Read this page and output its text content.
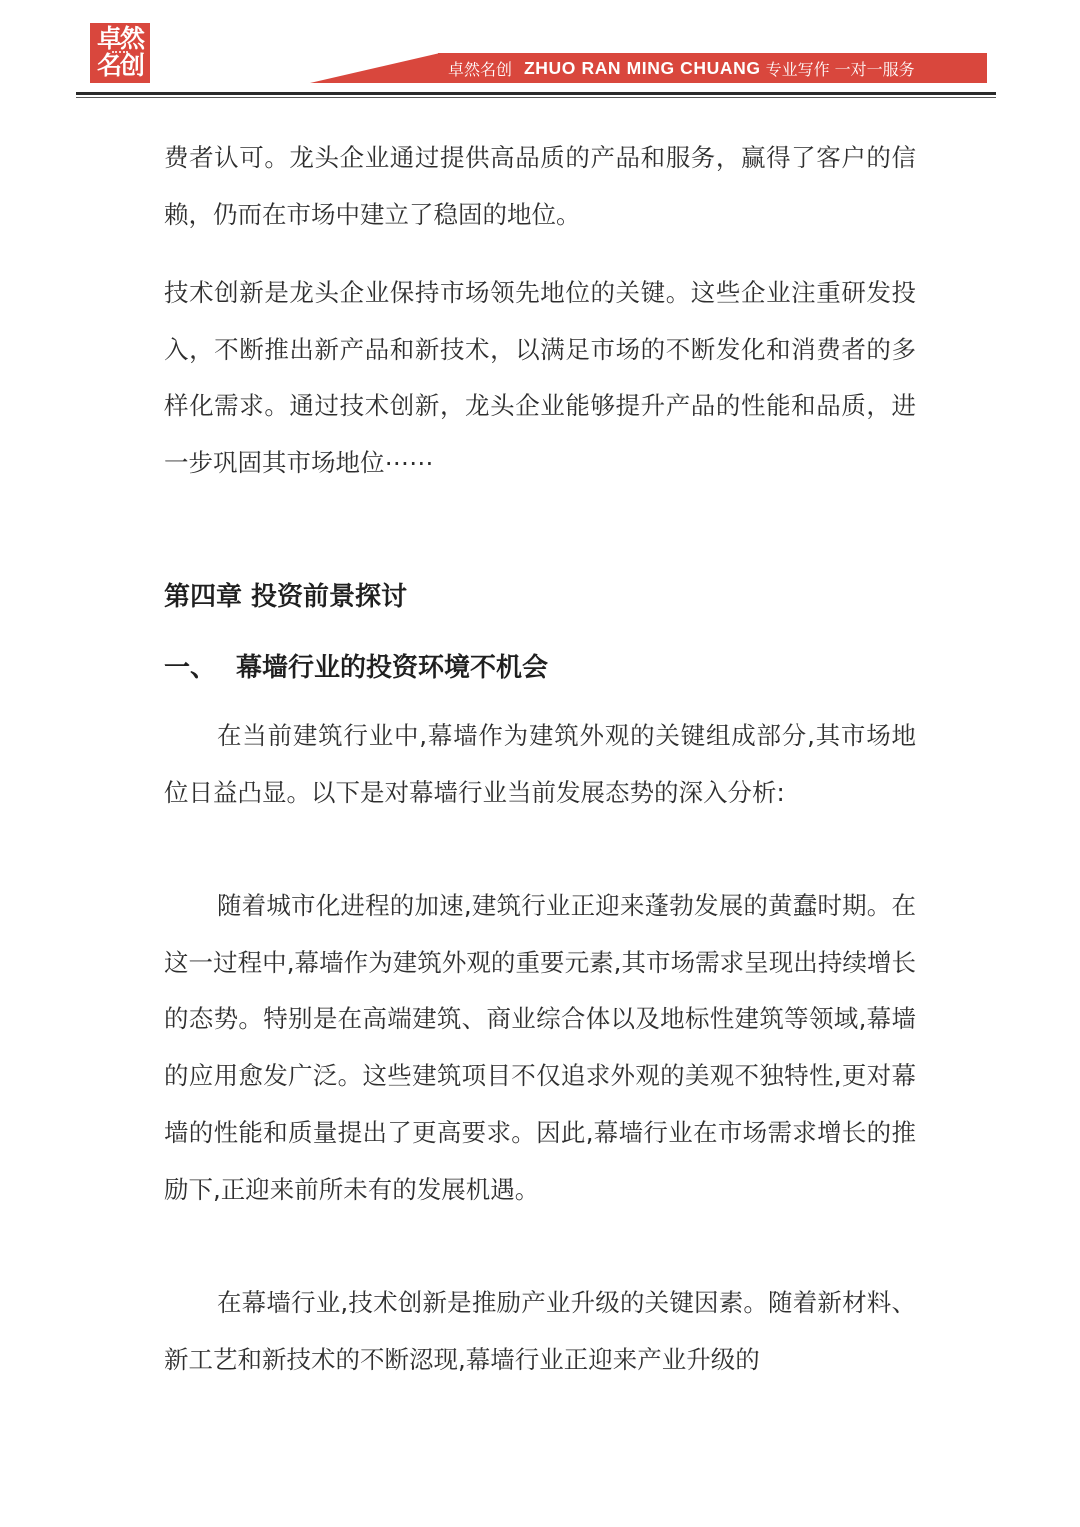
卓然
名创	卓然名创 ZHUO RAN MING CHUANG 专业写作 一对一服务

费者认可。龙头企业通过提供高品质的产品和服务，赢得了客户的信赖，仍而在市场中建立了稳固的地位。

技术创新是龙头企业保持市场领先地位的关键。这些企业注重研发投入，不断推出新产品和新技术，以满足市场的不断发化和消费者的多样化需求。通过技术创新，龙头企业能够提升产品的性能和品质，进一步巩固其市场地位⋯⋯

第四章 投资前景探讨
一、 幕墙行业的投资环境不机会

在当前建筑行业中,幕墙作为建筑外观的关键组成部分,其市场地位日益凸显。以下是对幕墙行业当前发展态势的深入分析:

随着城市化进程的加速,建筑行业正迎来蓬勃发展的黄蠢时期。在这一过程中,幕墙作为建筑外观的重要元素,其市场需求呈现出持续增长的态势。特别是在高端建筑、商业综合体以及地标性建筑等领域,幕墙的应用愈发广泛。这些建筑项目不仅追求外观的美观不独特性,更对幕墙的性能和质量提出了更高要求。因此,幕墙行业在市场需求增长的推励下,正迎来前所未有的发展机遇。

在幕墙行业,技术创新是推励产业升级的关键因素。随着新材料、新工艺和新技术的不断涊现,幕墙行业正迎来产业升级的
